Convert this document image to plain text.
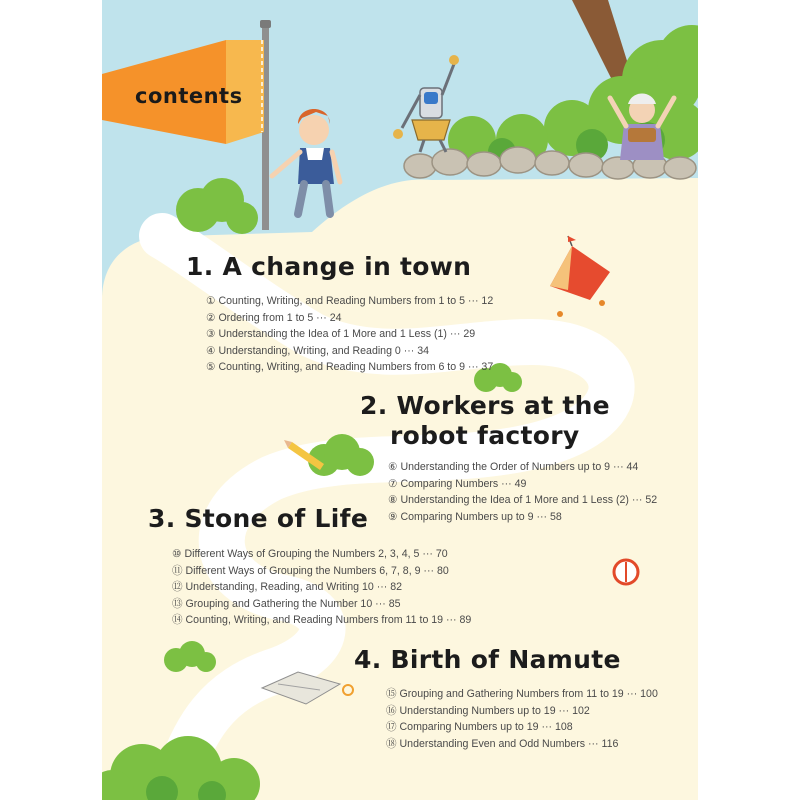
contents
1. A change in town
① Counting, Writing, and Reading Numbers from 1 to 5 ··· 12
② Ordering from 1 to 5 ··· 24
③ Understanding the Idea of 1 More and 1 Less (1) ··· 29
④ Understanding, Writing, and Reading 0 ··· 34
⑤ Counting, Writing, and Reading Numbers from 6 to 9 ··· 37
2. Workers at the
robot factory
⑥ Understanding the Order of Numbers up to 9 ··· 44
⑦ Comparing Numbers ··· 49
⑧ Understanding the Idea of 1 More and 1 Less (2) ··· 52
⑨ Comparing Numbers up to 9 ··· 58
3. Stone of Life
⑩ Different Ways of Grouping the Numbers 2, 3, 4, 5 ··· 70
⑪ Different Ways of Grouping the Numbers 6, 7, 8, 9 ··· 80
⑫ Understanding, Reading, and Writing 10 ··· 82
⑬ Grouping and Gathering the Number 10 ··· 85
⑭ Counting, Writing, and Reading Numbers from 11 to 19 ··· 89
4. Birth of Namute
⑮ Grouping and Gathering Numbers from 11 to 19 ··· 100
⑯ Understanding Numbers up to 19 ··· 102
⑰ Comparing Numbers up to 19 ··· 108
⑱ Understanding Even and Odd Numbers ··· 116
